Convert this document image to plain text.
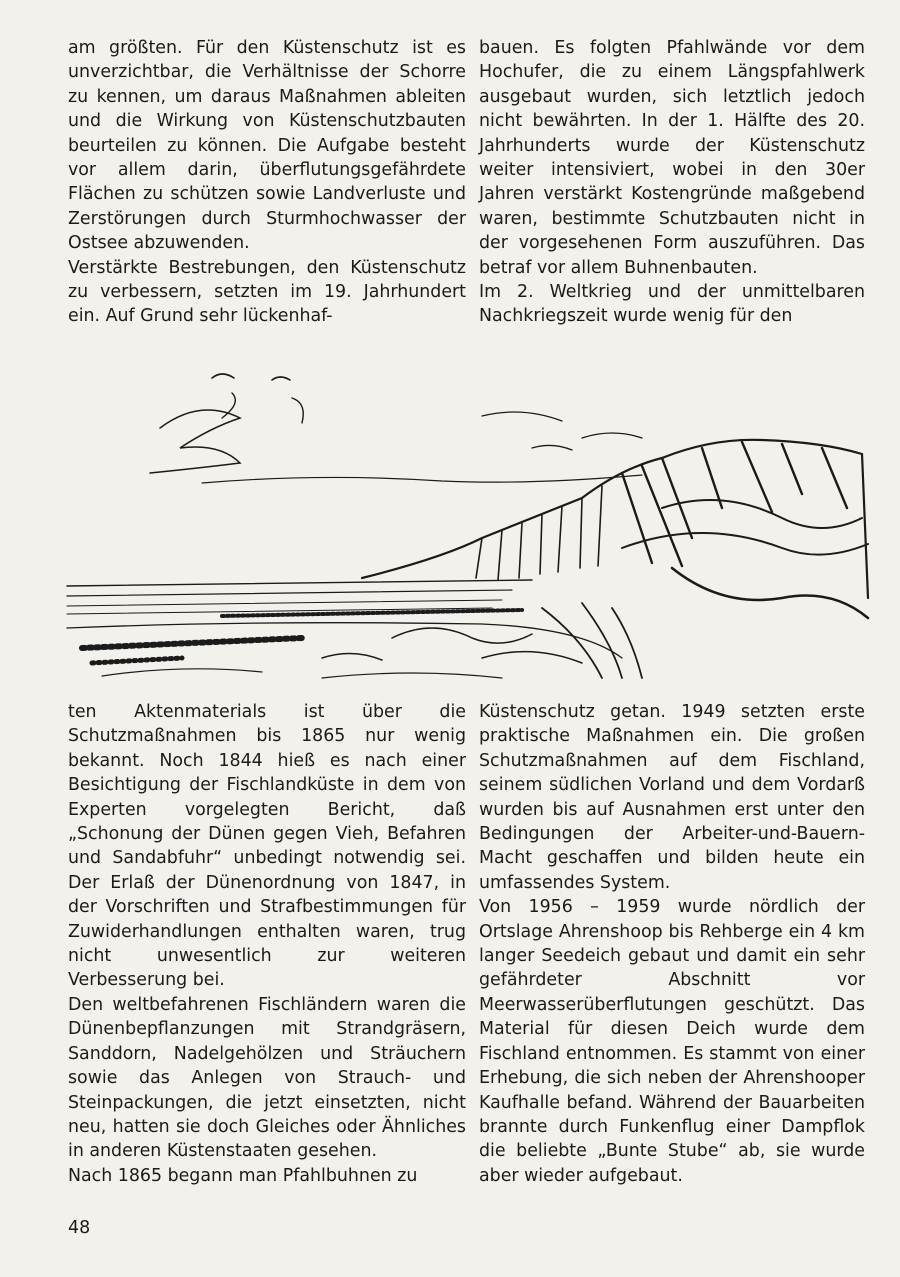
am größten. Für den Küstenschutz ist es unverzichtbar, die Verhältnisse der Schorre zu kennen, um daraus Maßnahmen ableiten und die Wirkung von Küstenschutzbauten beurteilen zu können. Die Aufgabe besteht vor allem darin, überflutungsgefährdete Flächen zu schützen sowie Landverluste und Zerstörungen durch Sturmhochwasser der Ostsee abzuwenden.

Verstärkte Bestrebungen, den Küstenschutz zu verbessern, setzten im 19. Jahrhundert ein. Auf Grund sehr lückenhaf-

bauen. Es folgten Pfahlwände vor dem Hochufer, die zu einem Längspfahlwerk ausgebaut wurden, sich letztlich jedoch nicht bewährten. In der 1. Hälfte des 20. Jahrhunderts wurde der Küstenschutz weiter intensiviert, wobei in den 30er Jahren verstärkt Kostengründe maßgebend waren, bestimmte Schutzbauten nicht in der vorgesehenen Form auszuführen. Das betraf vor allem Buhnenbauten.

Im 2. Weltkrieg und der unmittelbaren Nachkriegszeit wurde wenig für den

ten Aktenmaterials ist über die Schutzmaßnahmen bis 1865 nur wenig bekannt. Noch 1844 hieß es nach einer Besichtigung der Fischlandküste in dem von Experten vorgelegten Bericht, daß „Schonung der Dünen gegen Vieh, Befahren und Sandabfuhr“ unbedingt notwendig sei. Der Erlaß der Dünenordnung von 1847, in der Vorschriften und Strafbestimmungen für Zuwiderhandlungen enthalten waren, trug nicht unwesentlich zur weiteren Verbesserung bei.

Den weltbefahrenen Fischländern waren die Dünenbepflanzungen mit Strandgräsern, Sanddorn, Nadelgehölzen und Sträuchern sowie das Anlegen von Strauch- und Steinpackungen, die jetzt einsetzten, nicht neu, hatten sie doch Gleiches oder Ähnliches in anderen Küstenstaaten gesehen.

Nach 1865 begann man Pfahlbuhnen zu

Küstenschutz getan. 1949 setzten erste praktische Maßnahmen ein. Die großen Schutzmaßnahmen auf dem Fischland, seinem südlichen Vorland und dem Vordarß wurden bis auf Ausnahmen erst unter den Bedingungen der Arbeiter-und-Bauern-Macht geschaffen und bilden heute ein umfassendes System.

Von 1956 – 1959 wurde nördlich der Ortslage Ahrenshoop bis Rehberge ein 4 km langer Seedeich gebaut und damit ein sehr gefährdeter Abschnitt vor Meerwasserüberflutungen geschützt. Das Material für diesen Deich wurde dem Fischland entnommen. Es stammt von einer Erhebung, die sich neben der Ahrenshooper Kaufhalle befand. Während der Bauarbeiten brannte durch Funkenflug einer Dampflok die beliebte „Bunte Stube“ ab, sie wurde aber wieder aufgebaut.

48
